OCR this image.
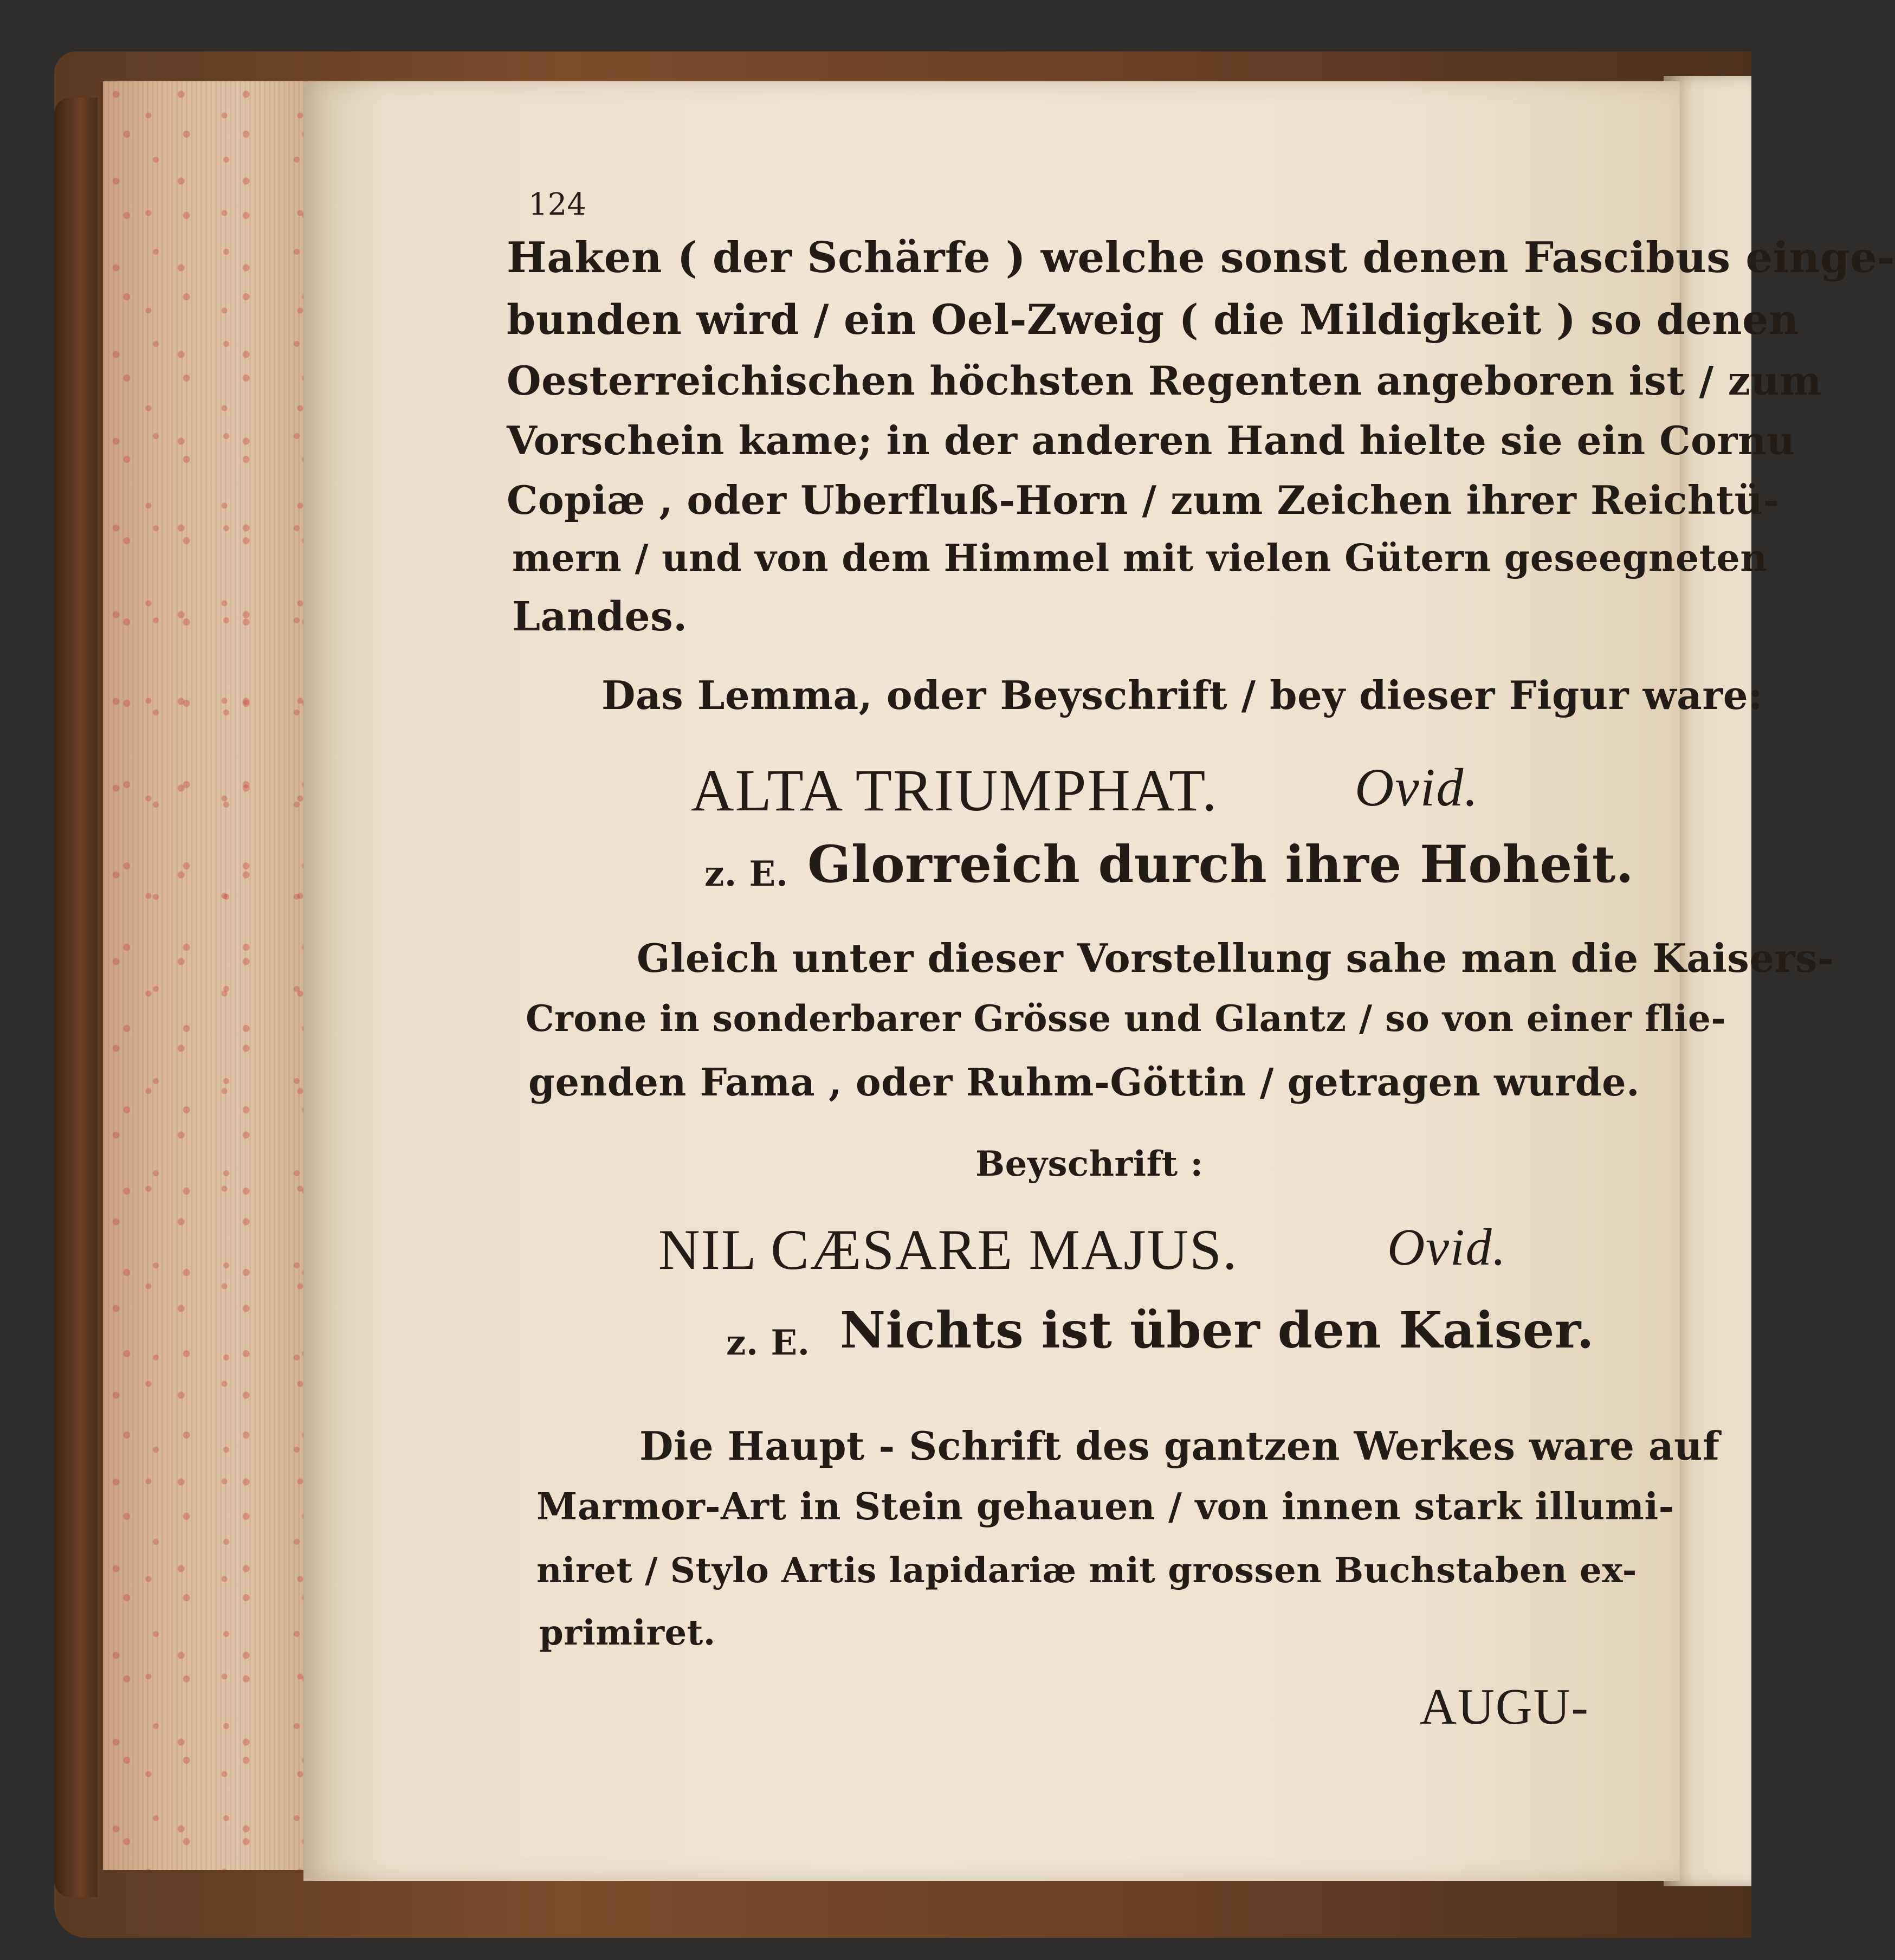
124
Haken ( der Schärfe ) welche sonst denen Fascibus einge-
bunden wird / ein Oel-Zweig ( die Mildigkeit ) so denen
Oesterreichischen höchsten Regenten angeboren ist / zum
Vorschein kame; in der anderen Hand hielte sie ein Cornu
Copiæ , oder Uberfluß-Horn / zum Zeichen ihrer Reichtü-
mern / und von dem Himmel mit vielen Gütern geseegneten
Landes.
Das Lemma, oder Beyschrift / bey dieser Figur ware:
ALTA TRIUMPHAT.	Ovid.
z. E. Glorreich durch ihre Hoheit.
Gleich unter dieser Vorstellung sahe man die Kaisers-
Crone in sonderbarer Grösse und Glantz / so von einer flie-
genden Fama , oder Ruhm-Göttin / getragen wurde.
Beyschrift :
NIL CÆSARE MAJUS.	Ovid.
z. E. Nichts ist über den Kaiser.
Die Haupt - Schrift des gantzen Werkes ware auf
Marmor-Art in Stein gehauen / von innen stark illumi-
niret / Stylo Artis lapidariæ mit grossen Buchstaben ex-
primiret.
AUGU-
